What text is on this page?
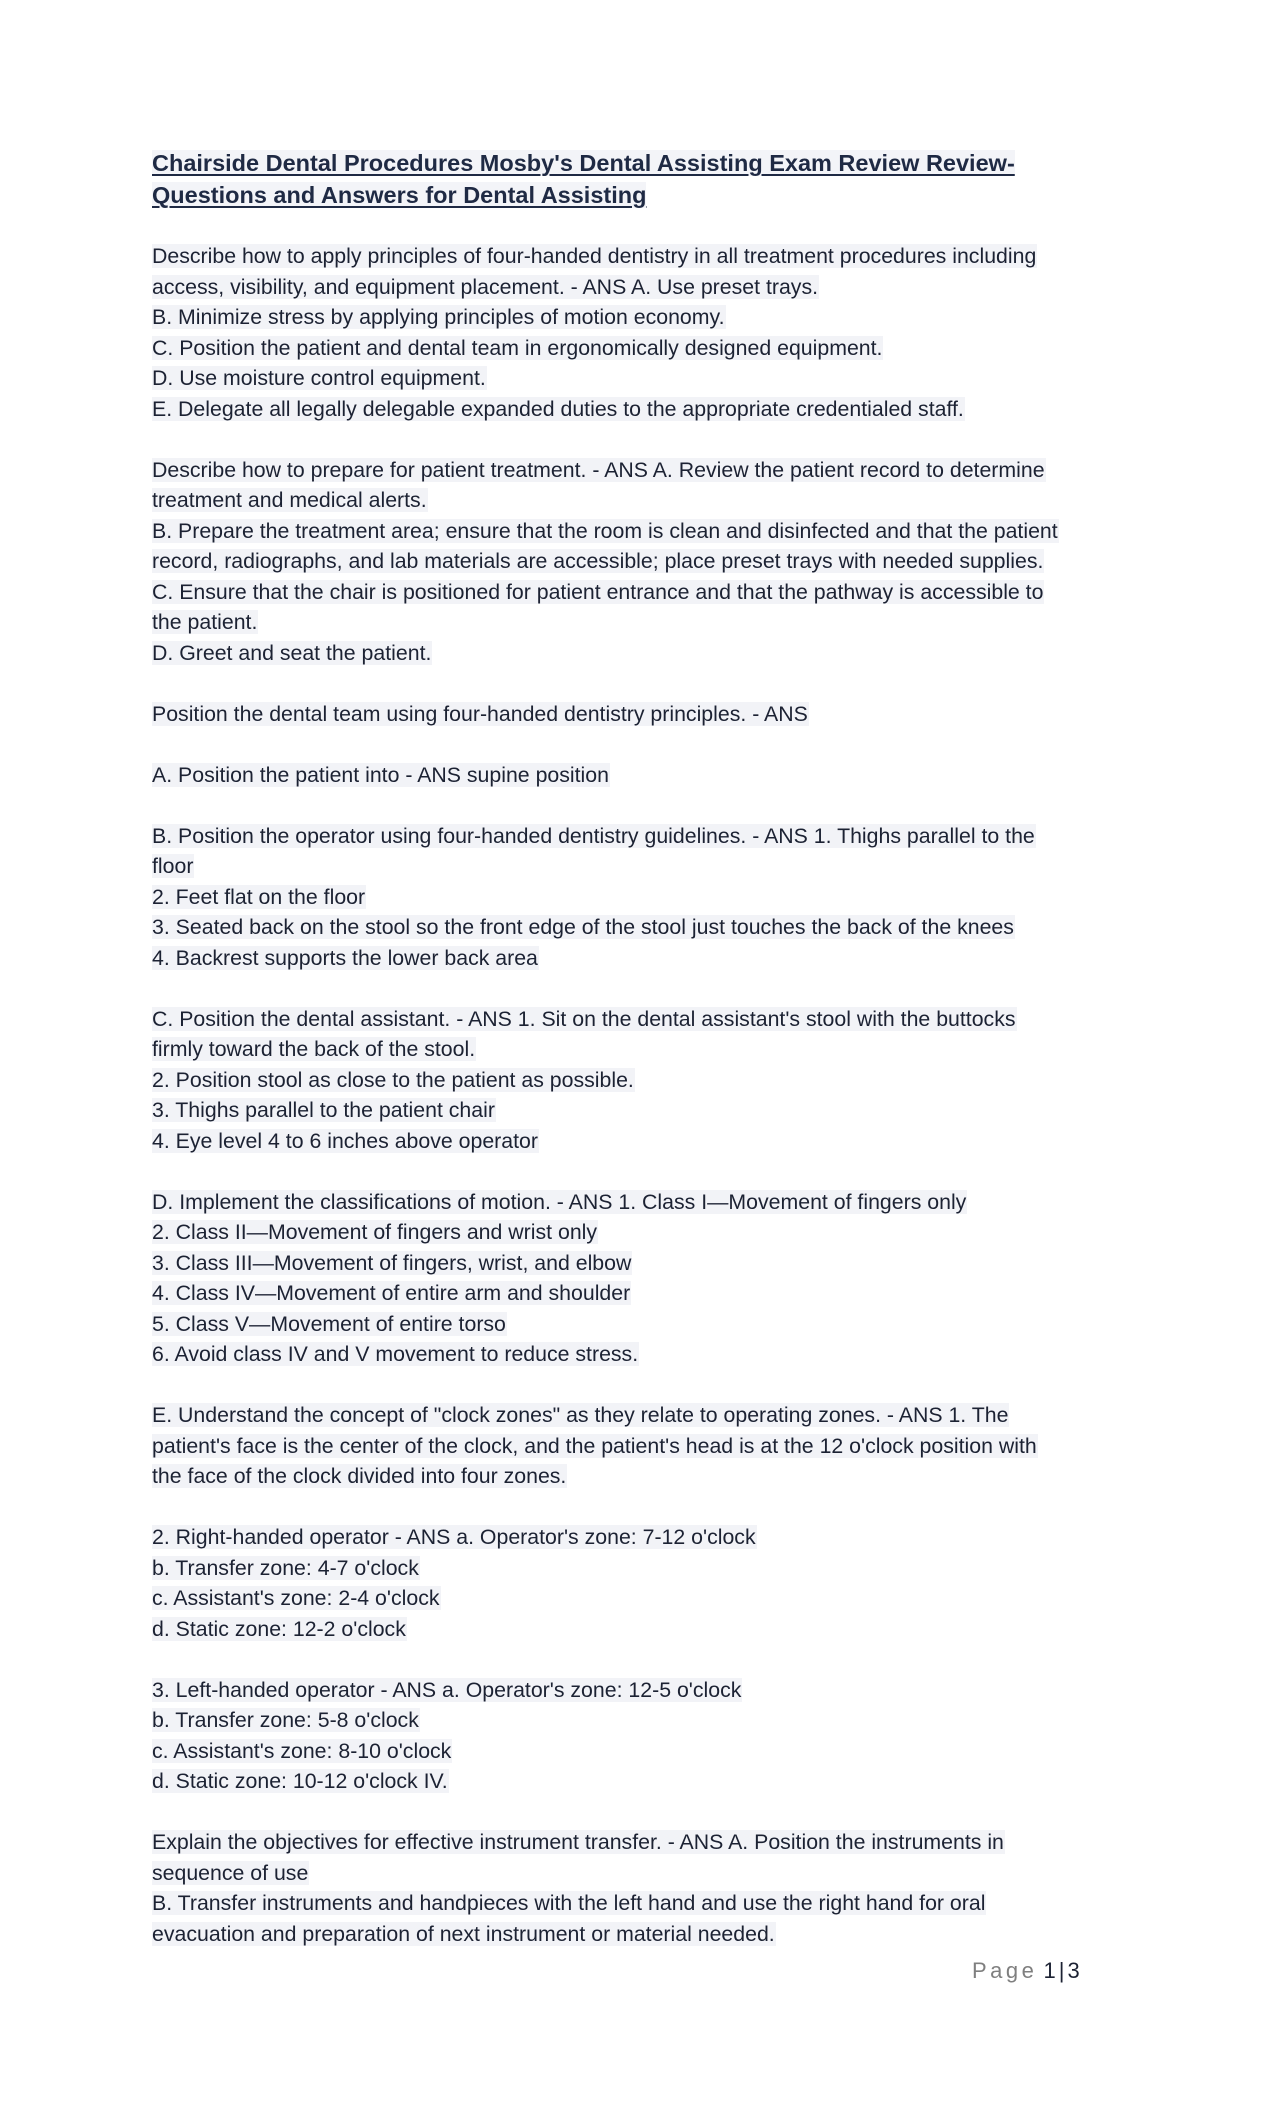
Chairside Dental Procedures Mosby's Dental Assisting Exam Review Review-
Questions and Answers for Dental Assisting
Describe how to apply principles of four-handed dentistry in all treatment procedures including
access, visibility, and equipment placement. - ANS A. Use preset trays.
B. Minimize stress by applying principles of motion economy.
C. Position the patient and dental team in ergonomically designed equipment.
D. Use moisture control equipment.
E. Delegate all legally delegable expanded duties to the appropriate credentialed staff.
Describe how to prepare for patient treatment. - ANS A. Review the patient record to determine
treatment and medical alerts.
B. Prepare the treatment area; ensure that the room is clean and disinfected and that the patient
record, radiographs, and lab materials are accessible; place preset trays with needed supplies.
C. Ensure that the chair is positioned for patient entrance and that the pathway is accessible to
the patient.
D. Greet and seat the patient.
Position the dental team using four-handed dentistry principles. - ANS
A. Position the patient into - ANS supine position
B. Position the operator using four-handed dentistry guidelines. - ANS 1. Thighs parallel to the
floor
2. Feet flat on the floor
3. Seated back on the stool so the front edge of the stool just touches the back of the knees
4. Backrest supports the lower back area
C. Position the dental assistant. - ANS 1. Sit on the dental assistant's stool with the buttocks
firmly toward the back of the stool.
2. Position stool as close to the patient as possible.
3. Thighs parallel to the patient chair
4. Eye level 4 to 6 inches above operator
D. Implement the classifications of motion. - ANS 1. Class I—Movement of fingers only
2. Class II—Movement of fingers and wrist only
3. Class III—Movement of fingers, wrist, and elbow
4. Class IV—Movement of entire arm and shoulder
5. Class V—Movement of entire torso
6. Avoid class IV and V movement to reduce stress.
E. Understand the concept of "clock zones" as they relate to operating zones. - ANS 1. The
patient's face is the center of the clock, and the patient's head is at the 12 o'clock position with
the face of the clock divided into four zones.
2. Right-handed operator - ANS a. Operator's zone: 7-12 o'clock
b. Transfer zone: 4-7 o'clock
c. Assistant's zone: 2-4 o'clock
d. Static zone: 12-2 o'clock
3. Left-handed operator - ANS a. Operator's zone: 12-5 o'clock
b. Transfer zone: 5-8 o'clock
c. Assistant's zone: 8-10 o'clock
d. Static zone: 10-12 o'clock IV.
Explain the objectives for effective instrument transfer. - ANS A. Position the instruments in
sequence of use
B. Transfer instruments and handpieces with the left hand and use the right hand for oral
evacuation and preparation of next instrument or material needed.
Page 1 | 3
